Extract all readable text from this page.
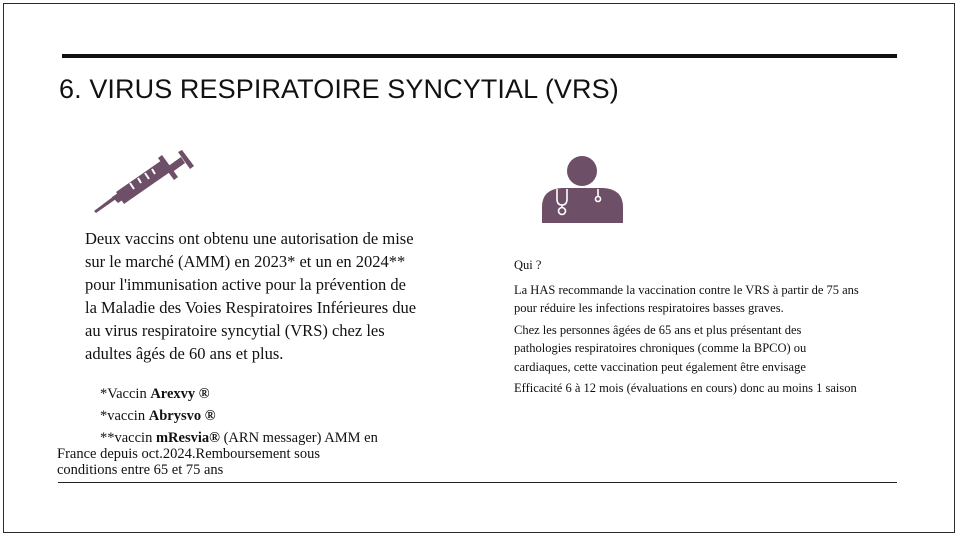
6. VIRUS RESPIRATOIRE SYNCYTIAL (VRS)
Deux vaccins ont obtenu une autorisation de mise sur le marché (AMM) en 2023* et un en 2024** pour l'immunisation active pour la prévention de la Maladie des Voies Respiratoires Inférieures due au virus respiratoire syncytial (VRS) chez les adultes âgés de 60 ans et plus.
*Vaccin Arexvy ®
*vaccin Abrysvo ®
**vaccin mResvia® (ARN messager) AMM en
France depuis oct.2024.Remboursement sous
conditions entre 65 et 75 ans

Qui ?

La HAS recommande la vaccination contre le VRS à partir de 75 ans pour réduire les infections respiratoires basses graves.

Chez les personnes âgées de 65 ans et plus présentant des pathologies respiratoires chroniques (comme la BPCO) ou cardiaques, cette vaccination peut également être envisage

Efficacité 6 à 12 mois (évaluations en cours) donc au moins 1 saison
